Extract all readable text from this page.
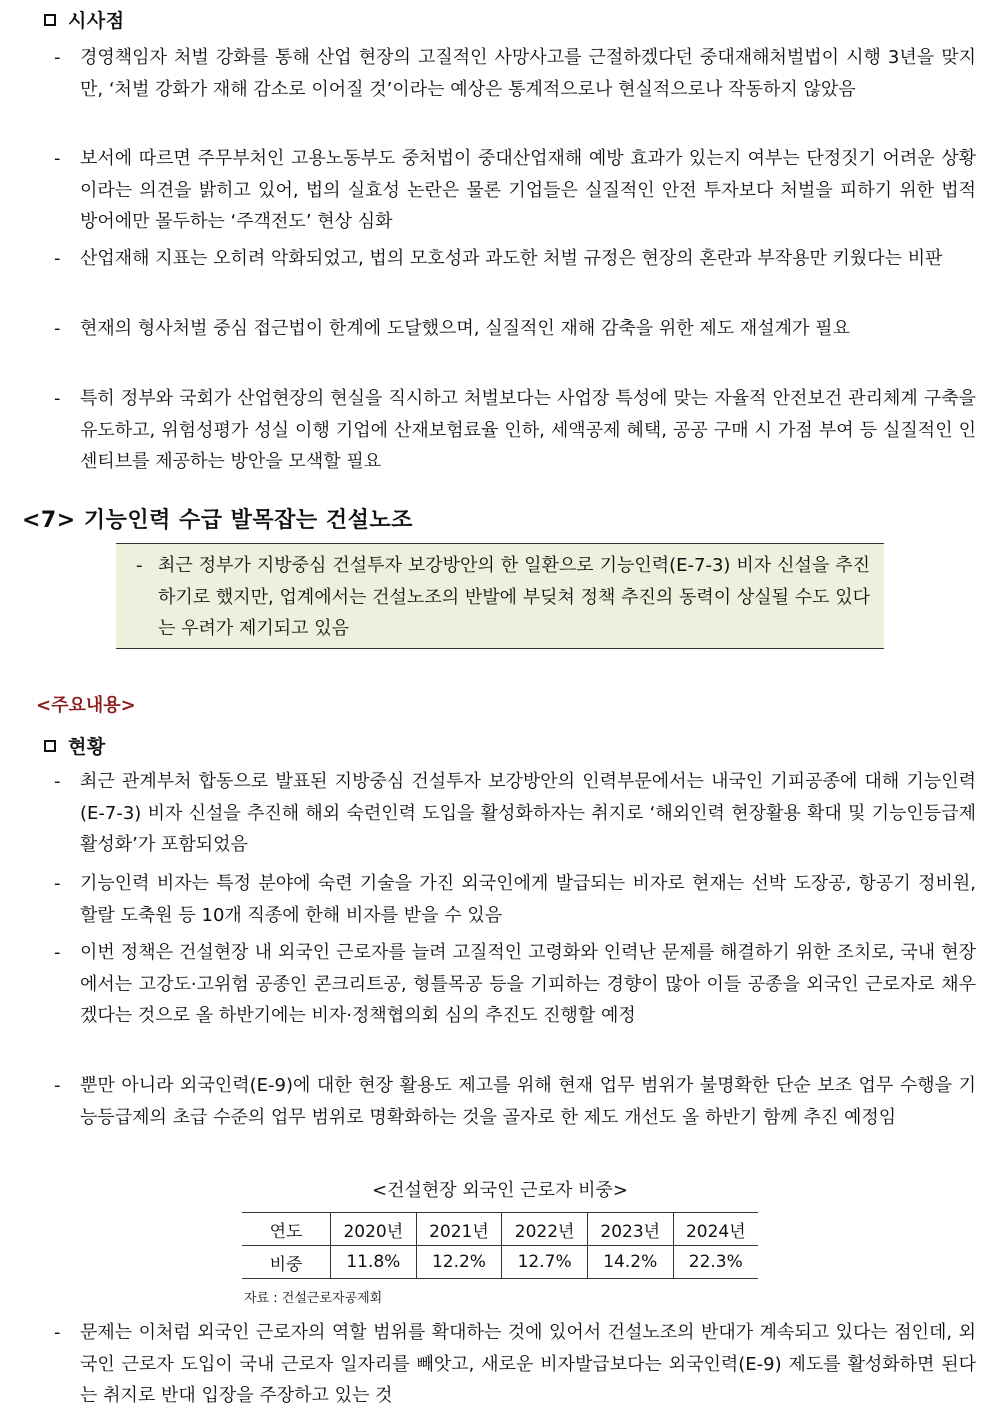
시사점
-	경영책임자 처벌 강화를 통해 산업 현장의 고질적인 사망사고를 근절하겠다던 중대재해처벌법이 시행 3년을 맞지만, ‘처벌 강화가 재해 감소로 이어질 것’이라는 예상은 통계적으로나 현실적으로나 작동하지 않았음
-	보서에 따르면 주무부처인 고용노동부도 중처법이 중대산업재해 예방 효과가 있는지 여부는 단정짓기 어려운 상황이라는 의견을 밝히고 있어, 법의 실효성 논란은 물론 기업들은 실질적인 안전 투자보다 처벌을 피하기 위한 법적 방어에만 몰두하는 ‘주객전도’ 현상 심화
-	산업재해 지표는 오히려 악화되었고, 법의 모호성과 과도한 처벌 규정은 현장의 혼란과 부작용만 키웠다는 비판
-	현재의 형사처벌 중심 접근법이 한계에 도달했으며, 실질적인 재해 감축을 위한 제도 재설계가 필요
-	특히 정부와 국회가 산업현장의 현실을 직시하고 처벌보다는 사업장 특성에 맞는 자율적 안전보건 관리체계 구축을 유도하고, 위험성평가 성실 이행 기업에 산재보험료율 인하, 세액공제 혜택, 공공 구매 시 가점 부여 등 실질적인 인센티브를 제공하는 방안을 모색할 필요
<7> 기능인력 수급 발목잡는 건설노조
- 최근 정부가 지방중심 건설투자 보강방안의 한 일환으로 기능인력(E-7-3) 비자 신설을 추진하기로 했지만, 업계에서는 건설노조의 반발에 부딪쳐 정책 추진의 동력이 상실될 수도 있다는 우려가 제기되고 있음
<주요내용>
현황
-	최근 관계부처 합동으로 발표된 지방중심 건설투자 보강방안의 인력부문에서는 내국인 기피공종에 대해 기능인력(E-7-3) 비자 신설을 추진해 해외 숙련인력 도입을 활성화하자는 취지로 ‘해외인력 현장활용 확대 및 기능인등급제 활성화’가 포함되었음
-	기능인력 비자는 특정 분야에 숙련 기술을 가진 외국인에게 발급되는 비자로 현재는 선박 도장공, 항공기 정비원, 할랄 도축원 등 10개 직종에 한해 비자를 받을 수 있음
-	이번 정책은 건설현장 내 외국인 근로자를 늘려 고질적인 고령화와 인력난 문제를 해결하기 위한 조치로, 국내 현장에서는 고강도·고위험 공종인 콘크리트공, 형틀목공 등을 기피하는 경향이 많아 이들 공종을 외국인 근로자로 채우겠다는 것으로 올 하반기에는 비자·정책협의회 심의 추진도 진행할 예정
-	뿐만 아니라 외국인력(E-9)에 대한 현장 활용도 제고를 위해 현재 업무 범위가 불명확한 단순 보조 업무 수행을 기능등급제의 초급 수준의 업무 범위로 명확화하는 것을 골자로 한 제도 개선도 올 하반기 함께 추진 예정임
<건설현장 외국인 근로자 비중>
연도	2020년	2021년	2022년	2023년	2024년
비중	11.8%	12.2%	12.7%	14.2%	22.3%
자료 : 건설근로자공제회
-	문제는 이처럼 외국인 근로자의 역할 범위를 확대하는 것에 있어서 건설노조의 반대가 계속되고 있다는 점인데, 외국인 근로자 도입이 국내 근로자 일자리를 빼앗고, 새로운 비자발급보다는 외국인력(E-9) 제도를 활성화하면 된다는 취지로 반대 입장을 주장하고 있는 것
